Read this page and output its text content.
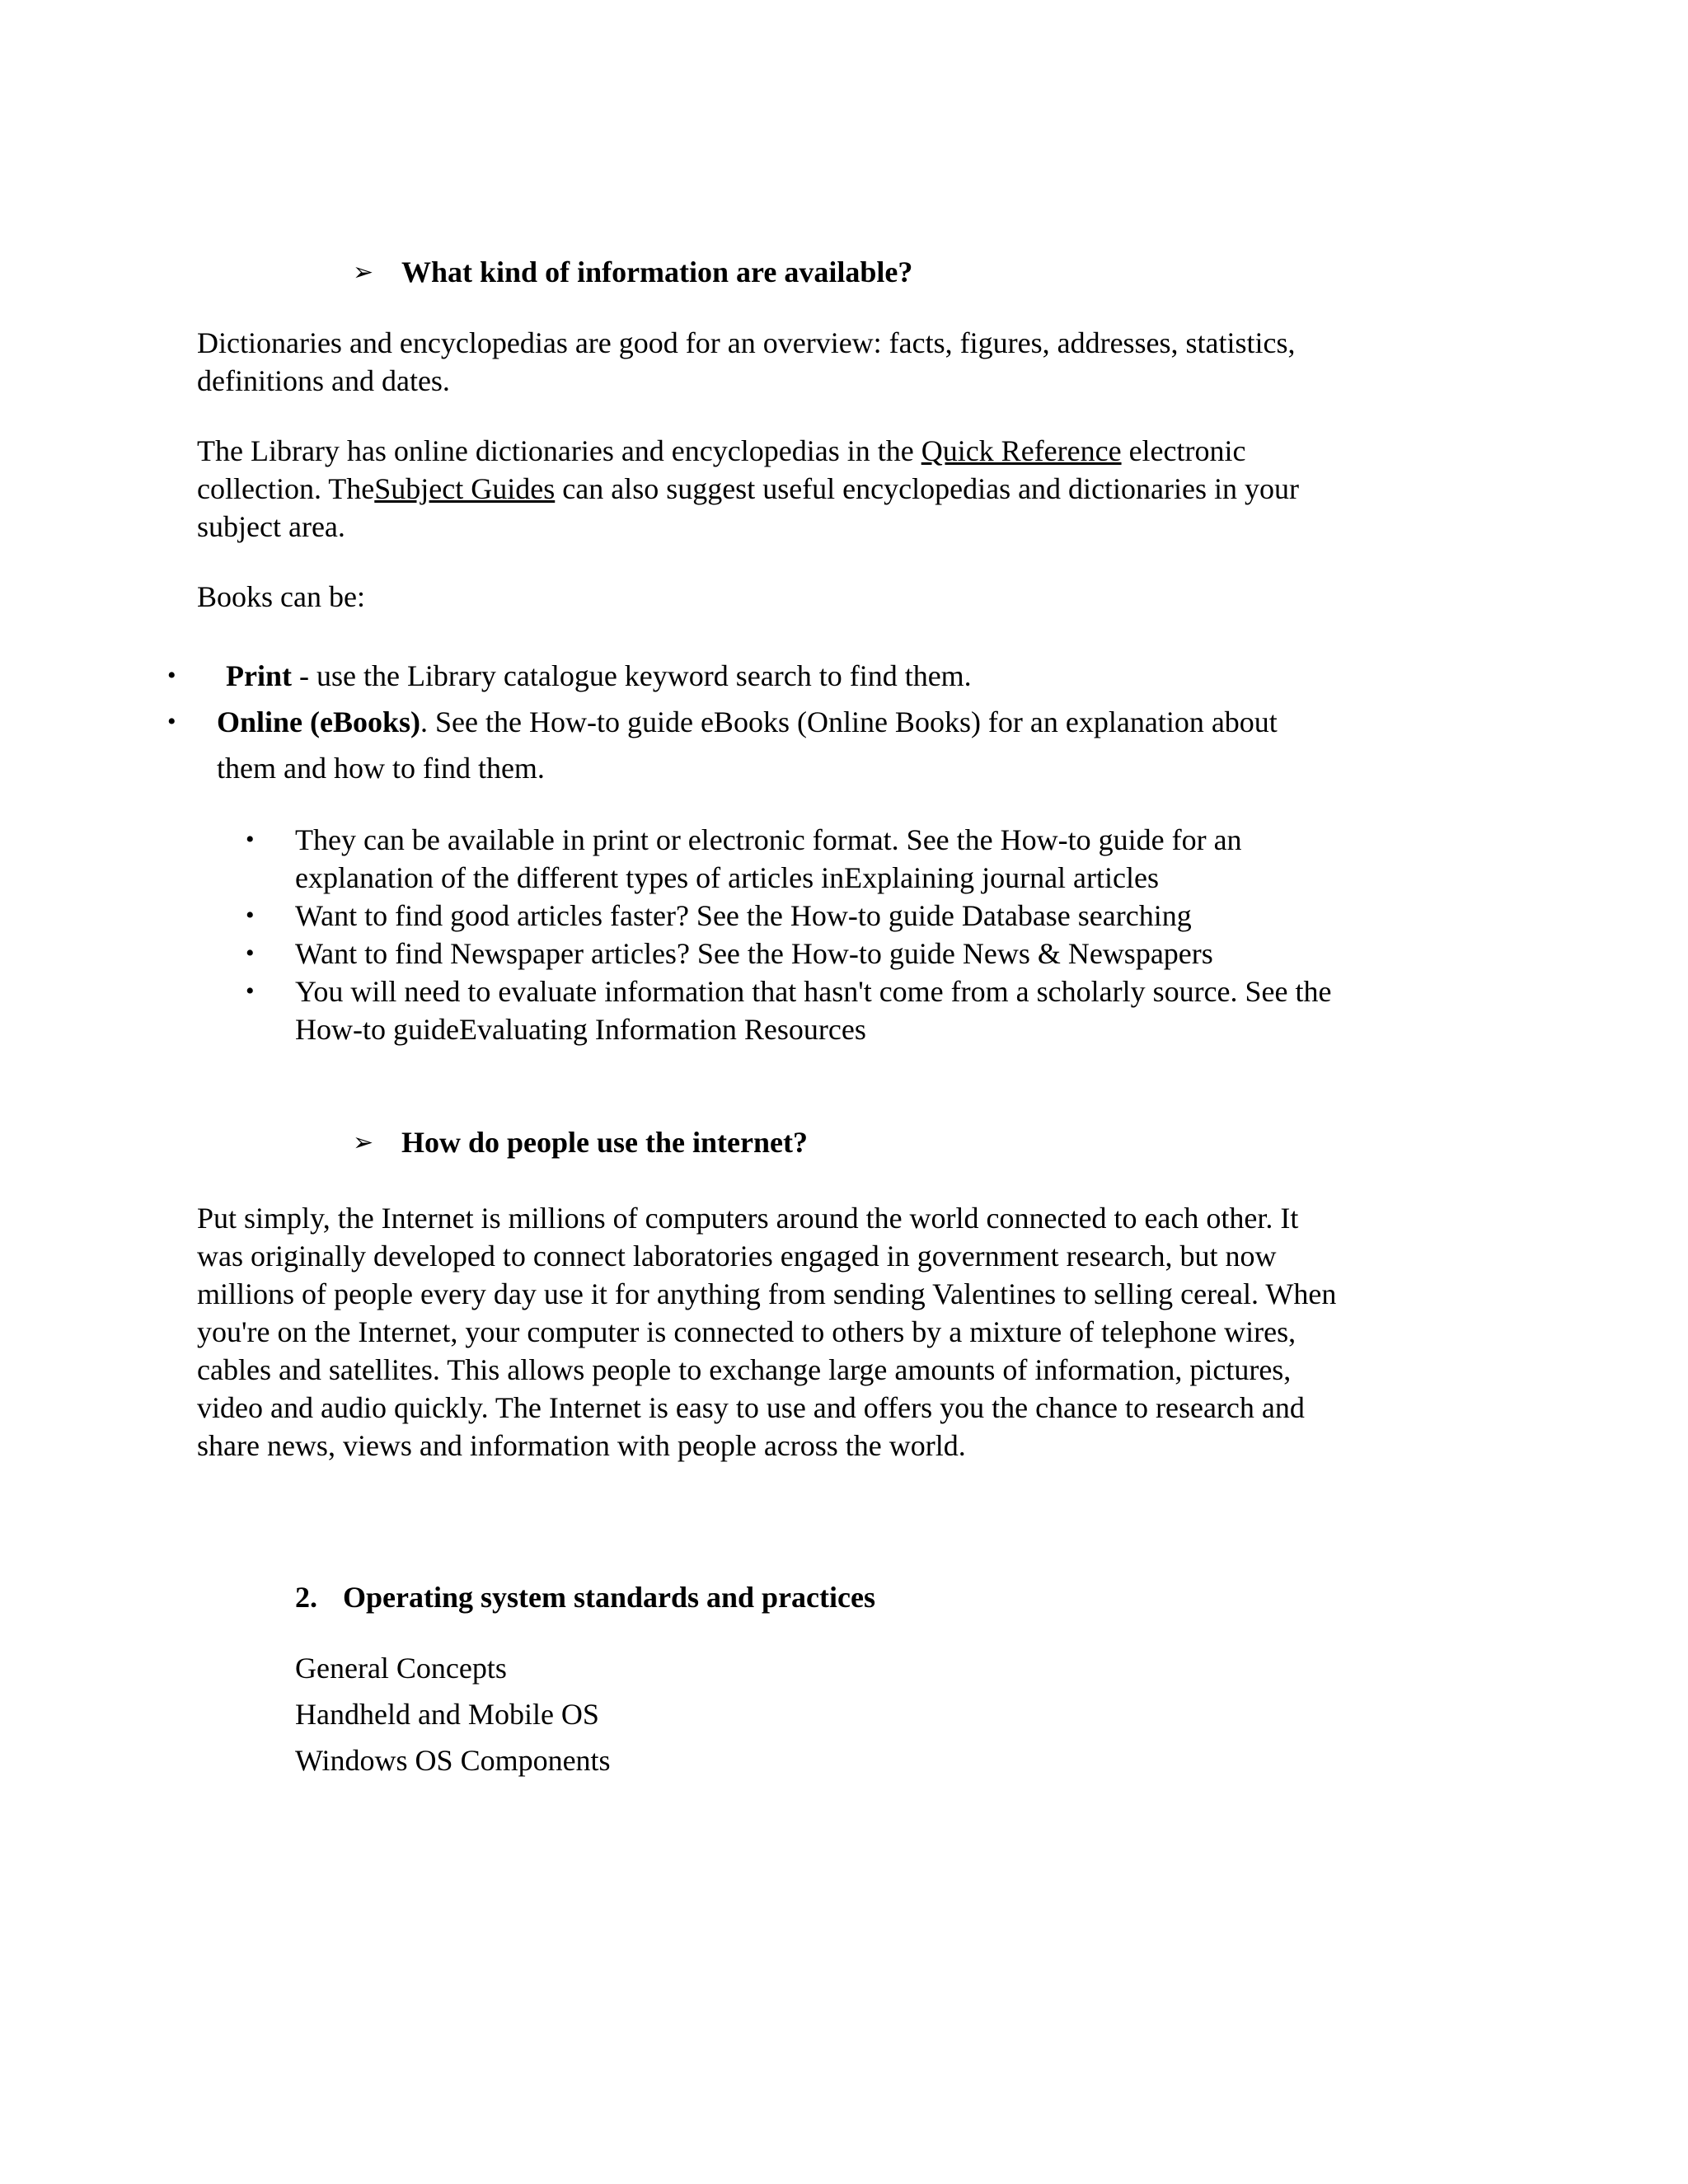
➢ What kind of information are available?
Dictionaries and encyclopedias are good for an overview: facts, figures, addresses, statistics,
definitions and dates.
The Library has online dictionaries and encyclopedias in the Quick Reference electronic
collection. TheSubject Guides can also suggest useful encyclopedias and dictionaries in your
subject area.
Books can be:
• Print - use the Library catalogue keyword search to find them.
• Online (eBooks). See the How-to guide eBooks (Online Books) for an explanation about
them and how to find them.
• They can be available in print or electronic format. See the How-to guide for an
explanation of the different types of articles inExplaining journal articles
• Want to find good articles faster? See the How-to guide Database searching
• Want to find Newspaper articles? See the How-to guide News & Newspapers
• You will need to evaluate information that hasn't come from a scholarly source. See the
How-to guideEvaluating Information Resources
➢ How do people use the internet?
Put simply, the Internet is millions of computers around the world connected to each other. It
was originally developed to connect laboratories engaged in government research, but now
millions of people every day use it for anything from sending Valentines to selling cereal. When
you're on the Internet, your computer is connected to others by a mixture of telephone wires,
cables and satellites. This allows people to exchange large amounts of information, pictures,
video and audio quickly. The Internet is easy to use and offers you the chance to research and
share news, views and information with people across the world.
2. Operating system standards and practices
General Concepts
Handheld and Mobile OS
Windows OS Components
